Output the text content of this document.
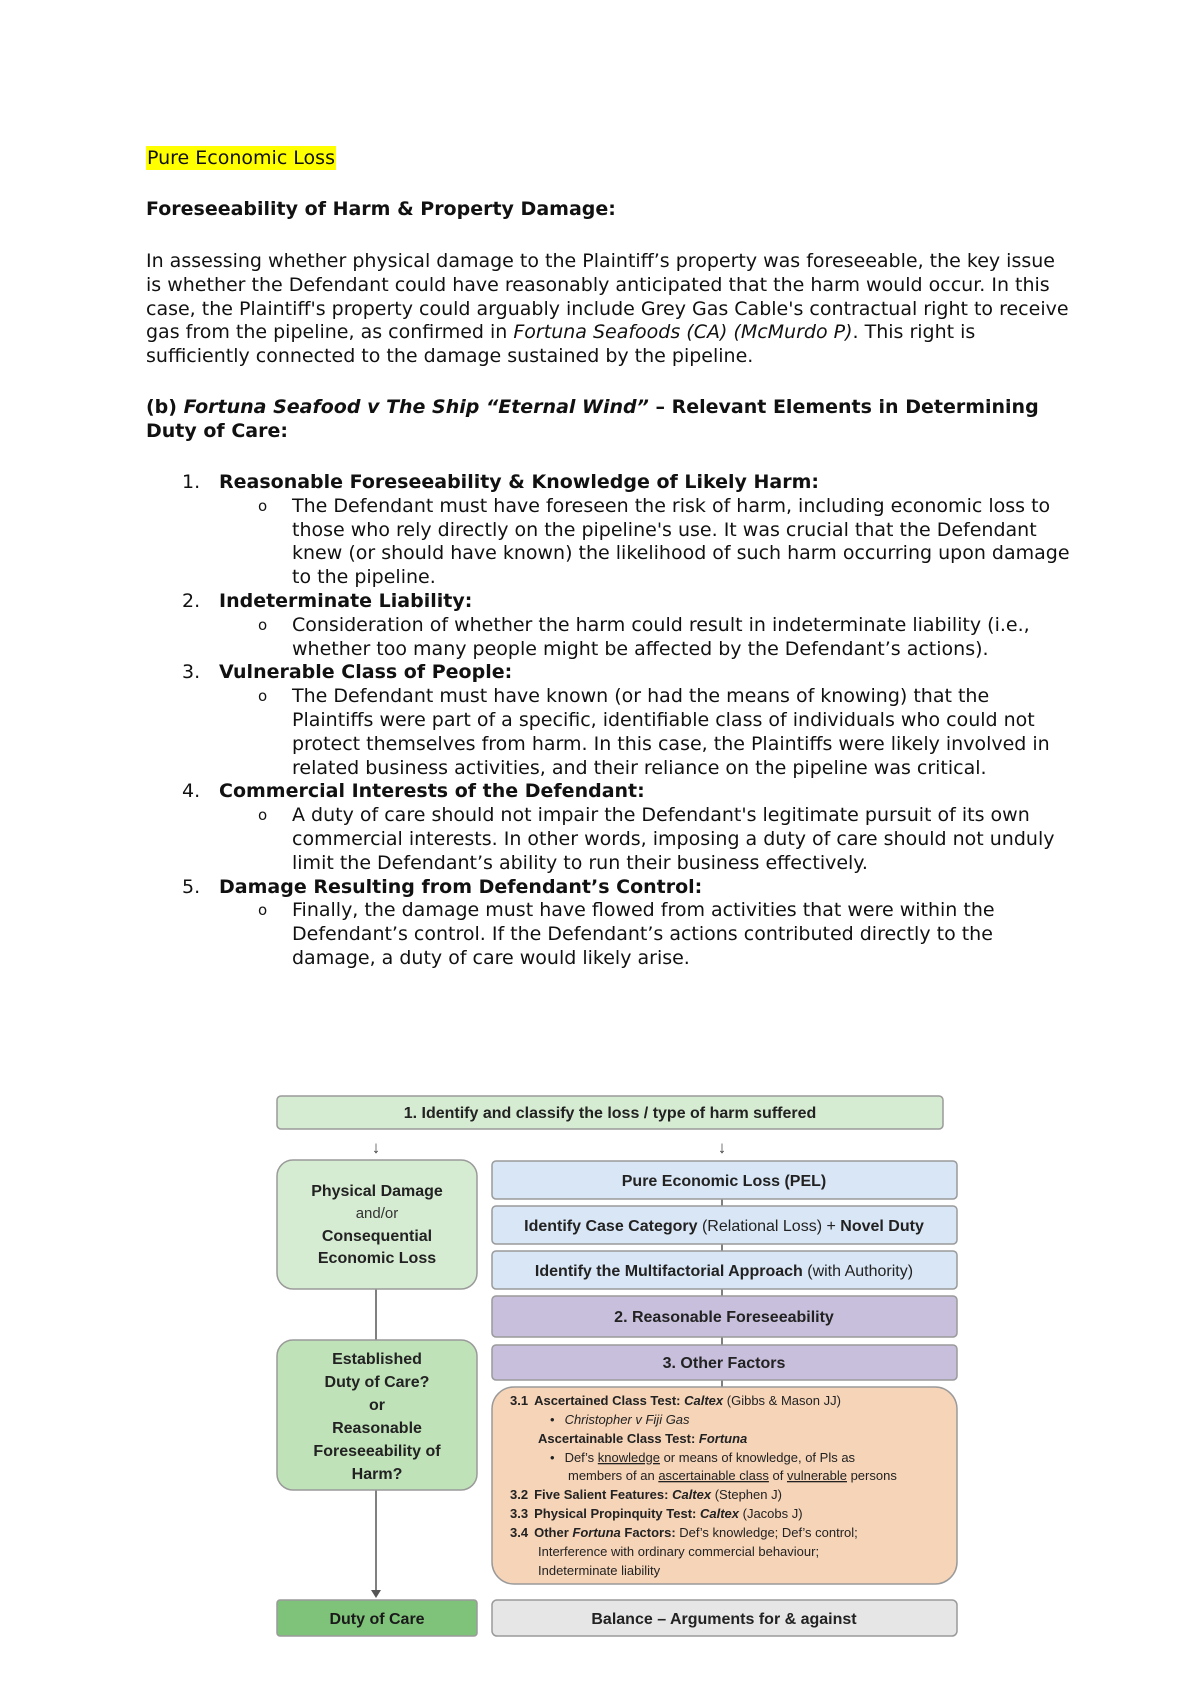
Pure Economic Loss
Foreseeability of Harm & Property Damage:

In assessing whether physical damage to the Plaintiff’s property was foreseeable, the key issue is whether the Defendant could have reasonably anticipated that the harm would occur. In this case, the Plaintiff's property could arguably include Grey Gas Cable's contractual right to receive gas from the pipeline, as confirmed in Fortuna Seafoods (CA) (McMurdo P). This right is sufficiently connected to the damage sustained by the pipeline.

(b) Fortuna Seafood v The Ship “Eternal Wind” – Relevant Elements in Determining Duty of Care:
1. Reasonable Foreseeability & Knowledge of Likely Harm:
o The Defendant must have foreseen the risk of harm, including economic loss to those who rely directly on the pipeline's use. It was crucial that the Defendant knew (or should have known) the likelihood of such harm occurring upon damage to the pipeline.
2. Indeterminate Liability:
o Consideration of whether the harm could result in indeterminate liability (i.e., whether too many people might be affected by the Defendant’s actions).
3. Vulnerable Class of People:
o The Defendant must have known (or had the means of knowing) that the Plaintiffs were part of a specific, identifiable class of individuals who could not protect themselves from harm. In this case, the Plaintiffs were likely involved in related business activities, and their reliance on the pipeline was critical.
4. Commercial Interests of the Defendant:
o A duty of care should not impair the Defendant's legitimate pursuit of its own commercial interests. In other words, imposing a duty of care should not unduly limit the Defendant’s ability to run their business effectively.
5. Damage Resulting from Defendant’s Control:
o Finally, the damage must have flowed from activities that were within the Defendant’s control. If the Defendant’s actions contributed directly to the damage, a duty of care would likely arise.
1. Identify and classify the loss / type of harm suffered
↓	↓
Physical Damage
and/or
Consequential
Economic Loss
Pure Economic Loss (PEL)
Identify Case Category (Relational Loss) + Novel Duty
Identify the Multifactorial Approach (with Authority)
2. Reasonable Foreseeability
3. Other Factors
Established
Duty of Care?
or
Reasonable
Foreseeability of
Harm?
3.1 Ascertained Class Test: Caltex (Gibbs & Mason JJ)
• Christopher v Fiji Gas
Ascertainable Class Test: Fortuna
• Def’s knowledge or means of knowledge, of Pls as
members of an ascertainable class of vulnerable persons
3.2 Five Salient Features: Caltex (Stephen J)
3.3 Physical Propinquity Test: Caltex (Jacobs J)
3.4 Other Fortuna Factors: Def’s knowledge; Def’s control;
Interference with ordinary commercial behaviour;
Indeterminate liability
Duty of Care	Balance – Arguments for & against
